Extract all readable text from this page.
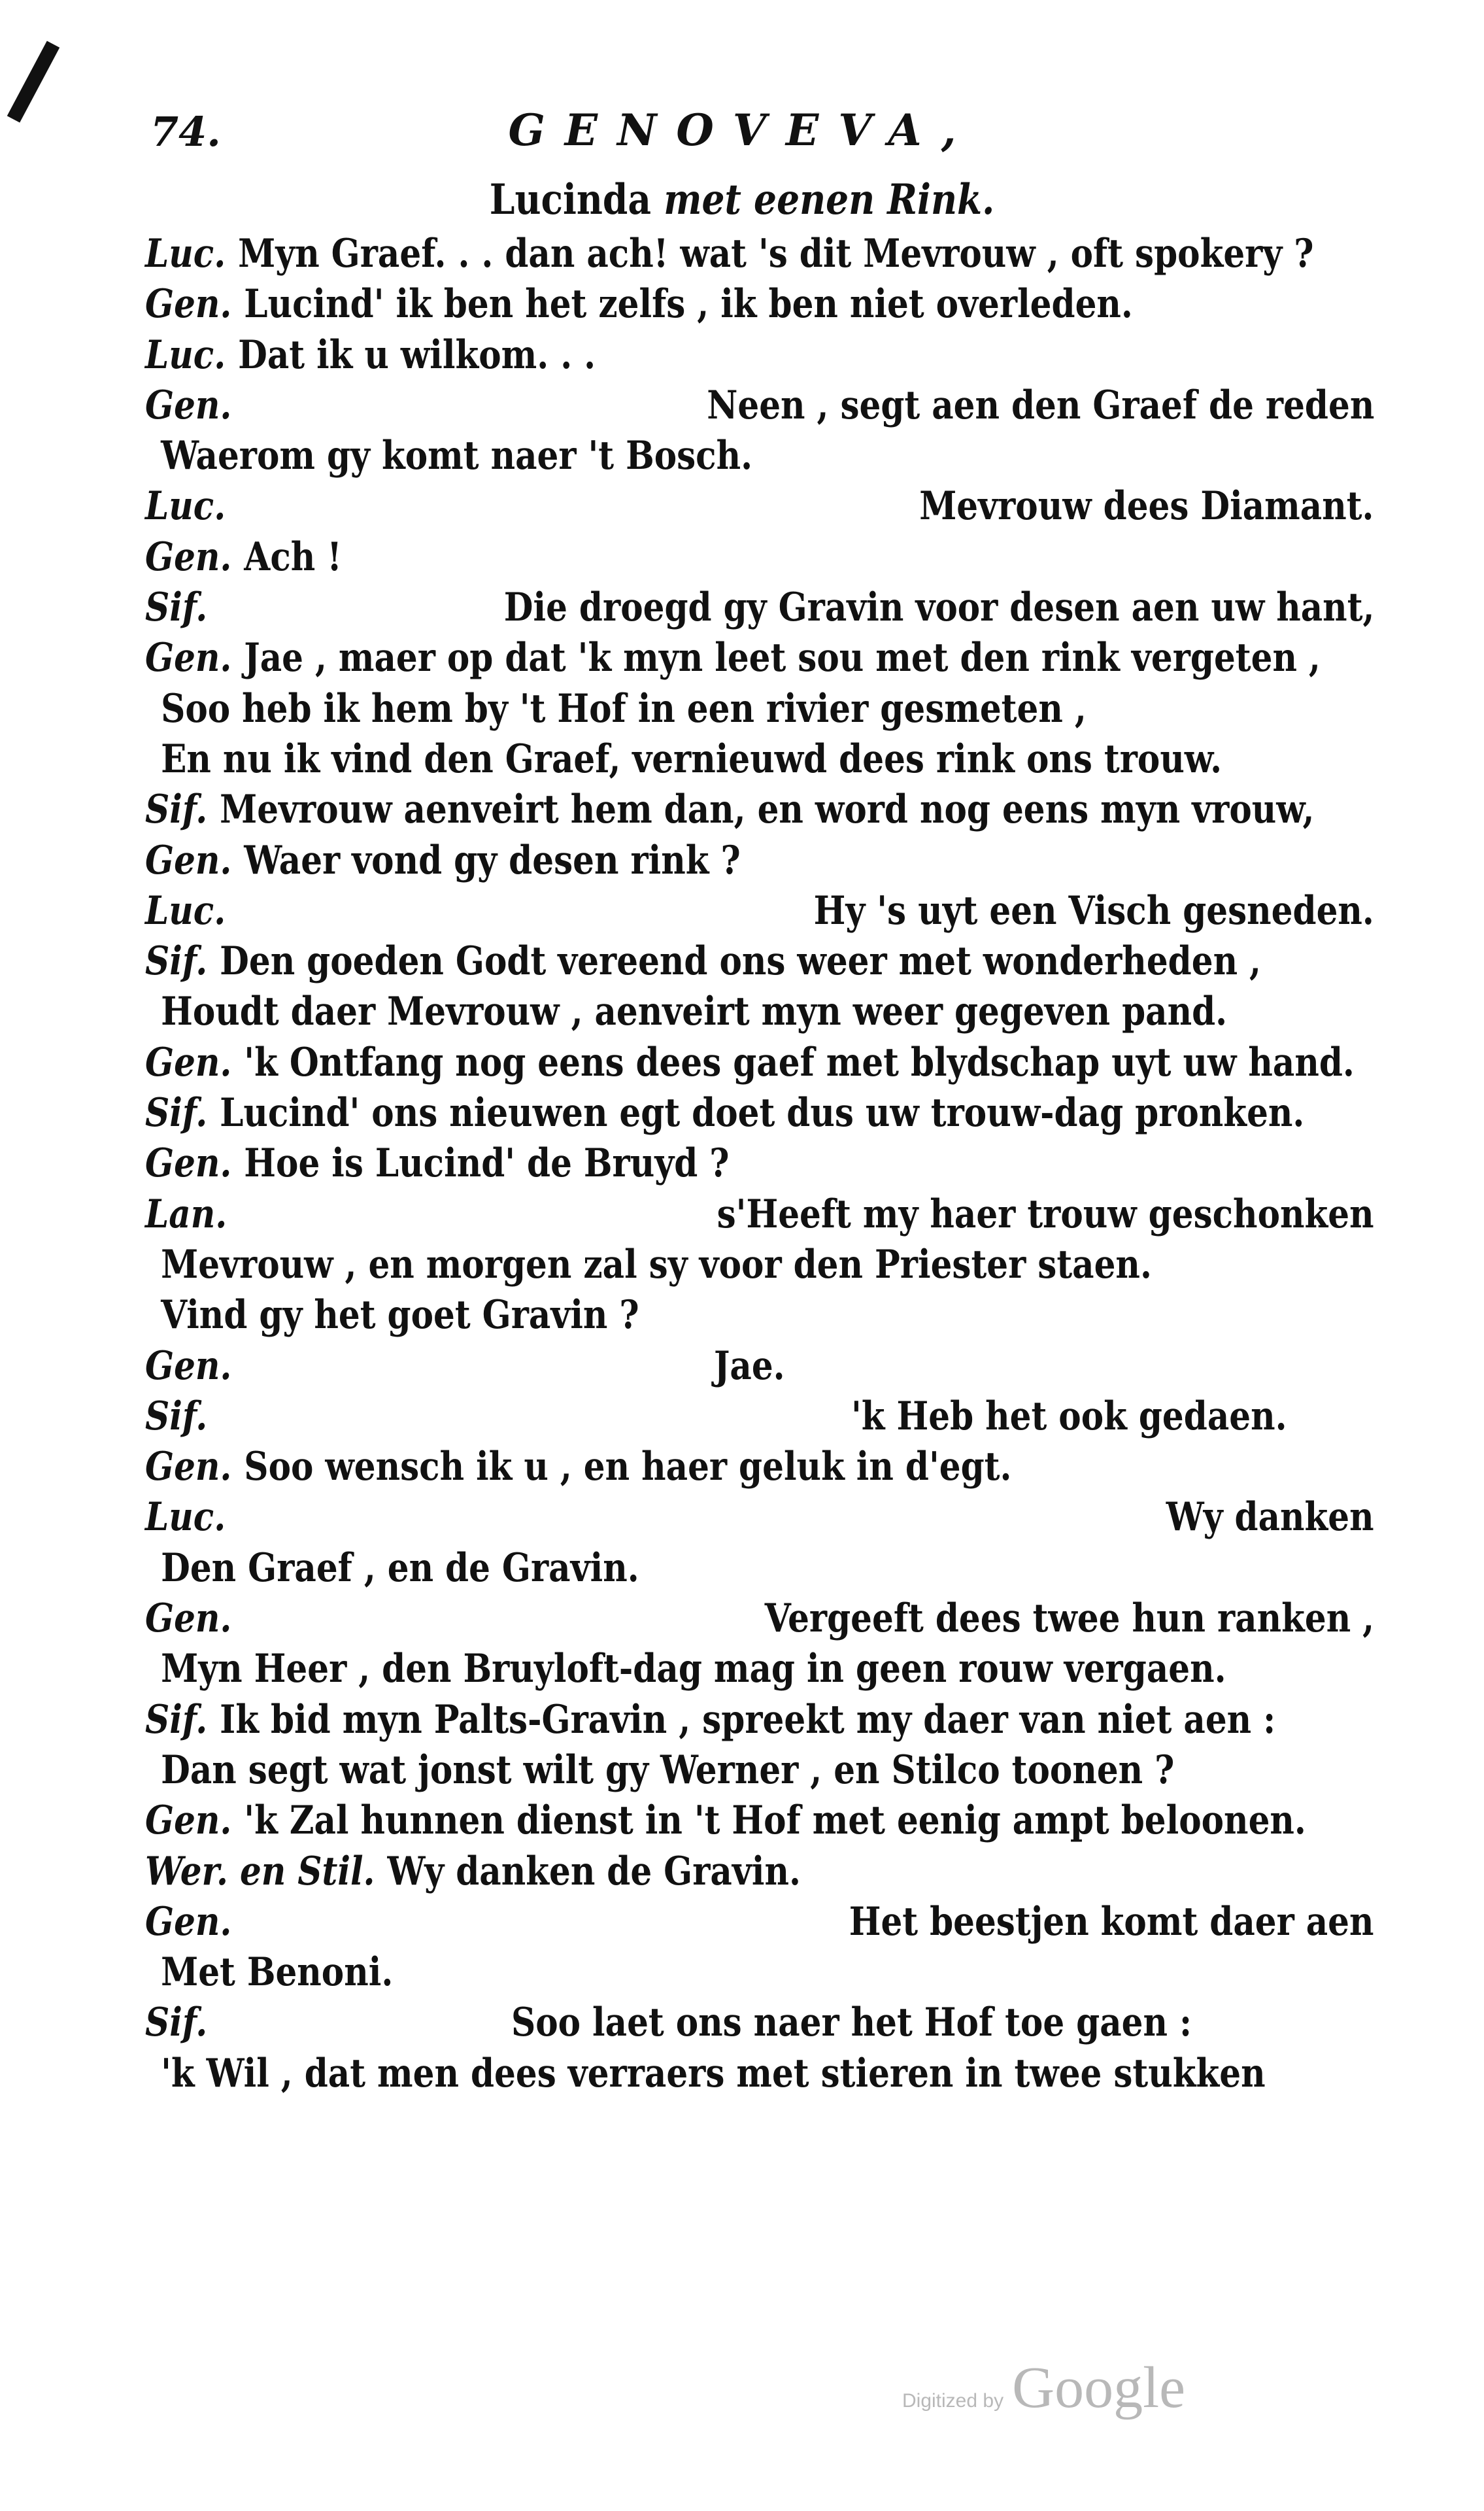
74.	GENOVEVA,
Lucinda met eenen Rink.
Luc. Myn Graef. . . dan ach! wat 's dit Mevrouw , oft spokery ?
Gen. Lucind' ik ben het zelfs , ik ben niet overleden.
Luc. Dat ik u wilkom. . .
Gen.	Neen , segt aen den Graef de reden
Waerom gy komt naer 't Bosch.
Luc.	Mevrouw dees Diamant.
Gen. Ach !
Sif.	Die droegd gy Gravin voor desen aen uw hant,
Gen. Jae , maer op dat 'k myn leet sou met den rink vergeten ,
Soo heb ik hem by 't Hof in een rivier gesmeten ,
En nu ik vind den Graef, vernieuwd dees rink ons trouw.
Sif. Mevrouw aenveirt hem dan, en word nog eens myn vrouw,
Gen. Waer vond gy desen rink ?
Luc.	Hy 's uyt een Visch gesneden.
Sif. Den goeden Godt vereend ons weer met wonderheden ,
Houdt daer Mevrouw , aenveirt myn weer gegeven pand.
Gen. 'k Ontfang nog eens dees gaef met blydschap uyt uw hand.
Sif. Lucind' ons nieuwen egt doet dus uw trouw-dag pronken.
Gen. Hoe is Lucind' de Bruyd ?
Lan.	s'Heeft my haer trouw geschonken
Mevrouw , en morgen zal sy voor den Priester staen.
Vind gy het goet Gravin ?
Gen.	Jae.
Sif.	'k Heb het ook gedaen.
Gen. Soo wensch ik u , en haer geluk in d'egt.
Luc.	Wy danken
Den Graef , en de Gravin.
Gen.	Vergeeft dees twee hun ranken ,
Myn Heer , den Bruyloft-dag mag in geen rouw vergaen.
Sif. Ik bid myn Palts-Gravin , spreekt my daer van niet aen :
Dan segt wat jonst wilt gy Werner , en Stilco toonen ?
Gen. 'k Zal hunnen dienst in 't Hof met eenig ampt beloonen.
Wer. en Stil. Wy danken de Gravin.
Gen.	Het beestjen komt daer aen
Met Benoni.
Sif.	Soo laet ons naer het Hof toe gaen :
'k Wil , dat men dees verraers met stieren in twee stukken
Digitized by Google
